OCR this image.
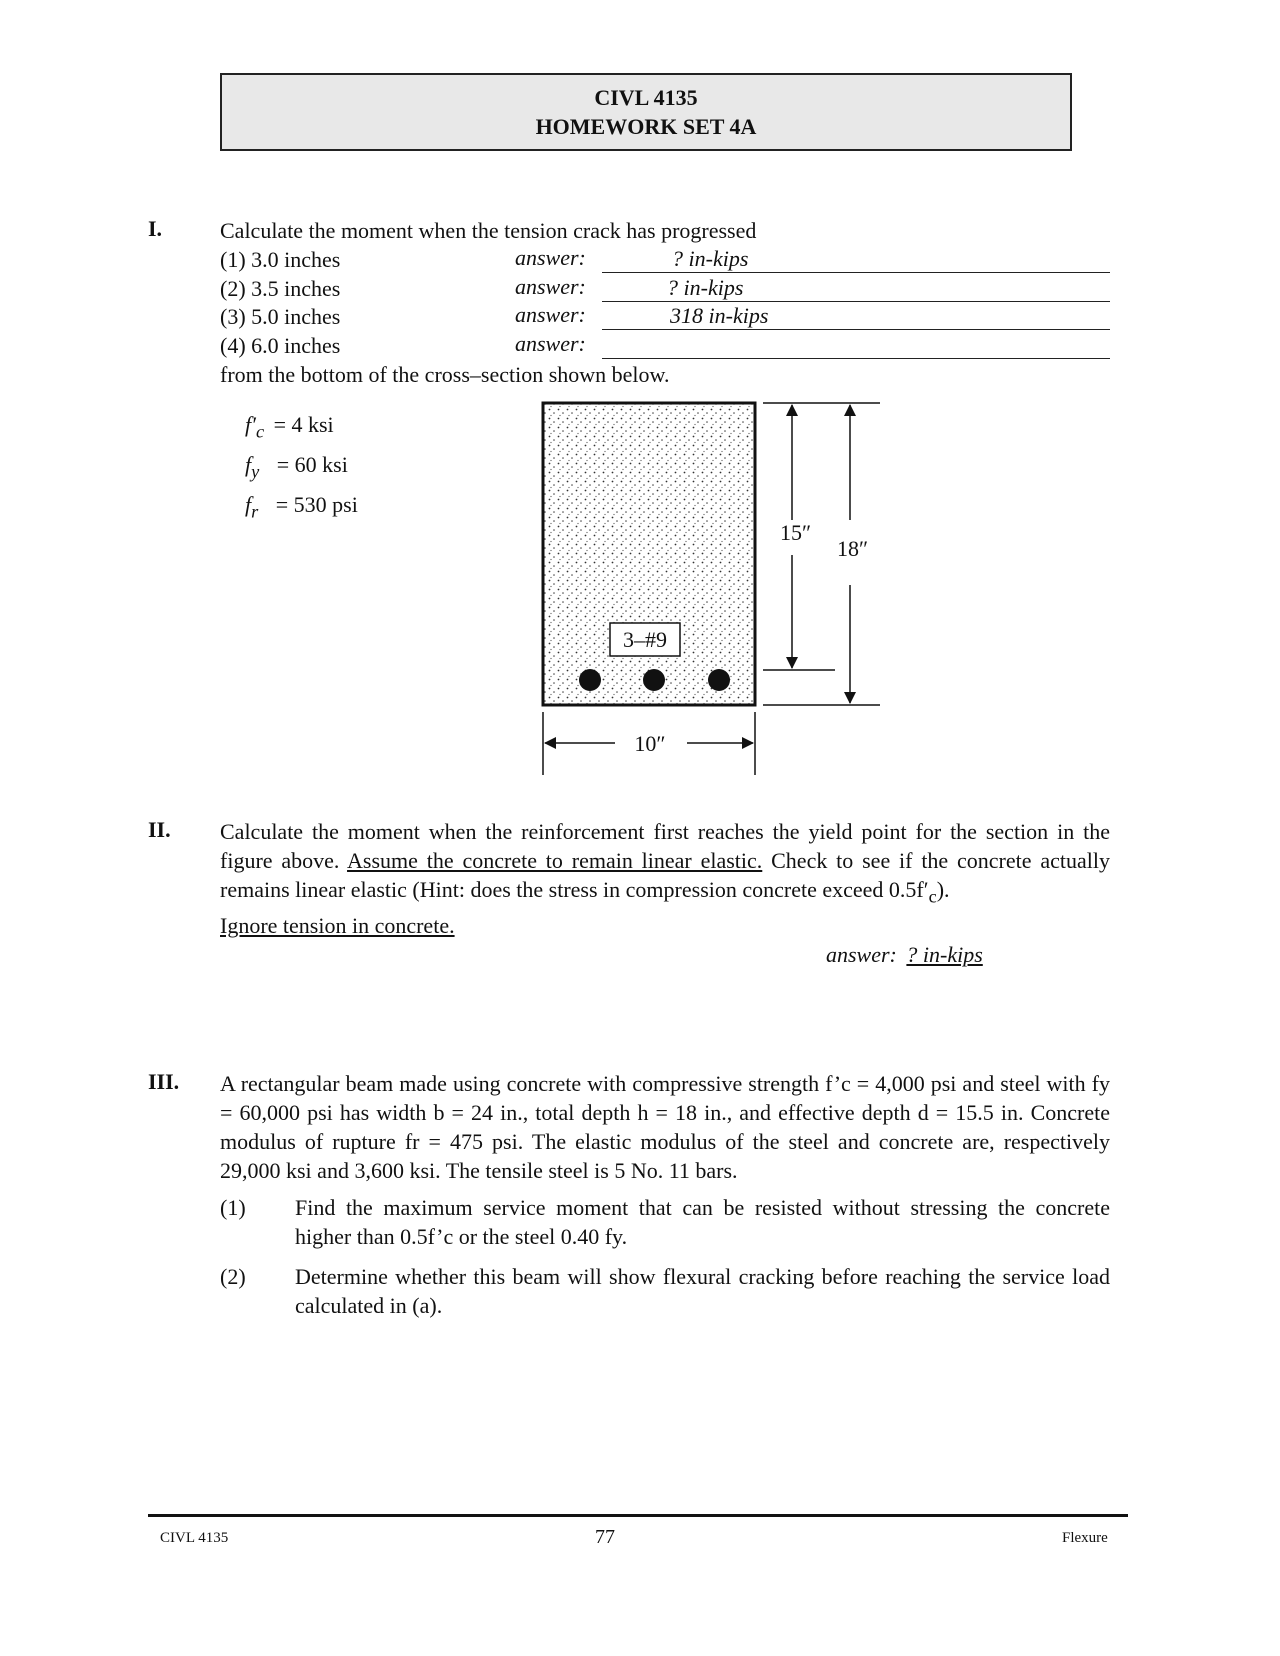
CIVL 4135
HOMEWORK SET 4A
I.	Calculate the moment when the tension crack has progressed
(1) 3.0 inches	answer:	? in-kips
(2) 3.5 inches	answer:	? in-kips
(3) 5.0 inches	answer:	318 in-kips
(4) 6.0 inches	answer:
from the bottom of the cross–section shown below.
$f'_c = 4$ ksi
$f_y = 60$ ksi
$f_r = 530$ psi
3–#9
15″
18″
10″
II. Calculate the moment when the reinforcement first reaches the yield point for the section in the figure above. Assume the concrete to remain linear elastic. Check to see if the concrete actually remains linear elastic (Hint: does the stress in compression concrete exceed $0.5f'_c$).
Ignore tension in concrete.
answer: ? in-kips
III. A rectangular beam made using concrete with compressive strength f’c = 4,000 psi and steel with fy = 60,000 psi has width b = 24 in., total depth h = 18 in., and effective depth d = 15.5 in. Concrete modulus of rupture fr = 475 psi. The elastic modulus of the steel and concrete are, respectively 29,000 ksi and 3,600 ksi. The tensile steel is 5 No. 11 bars.
(1) Find the maximum service moment that can be resisted without stressing the concrete higher than 0.5f’c or the steel 0.40 fy.
(2) Determine whether this beam will show flexural cracking before reaching the service load calculated in (a).
CIVL 4135	77	Flexure
